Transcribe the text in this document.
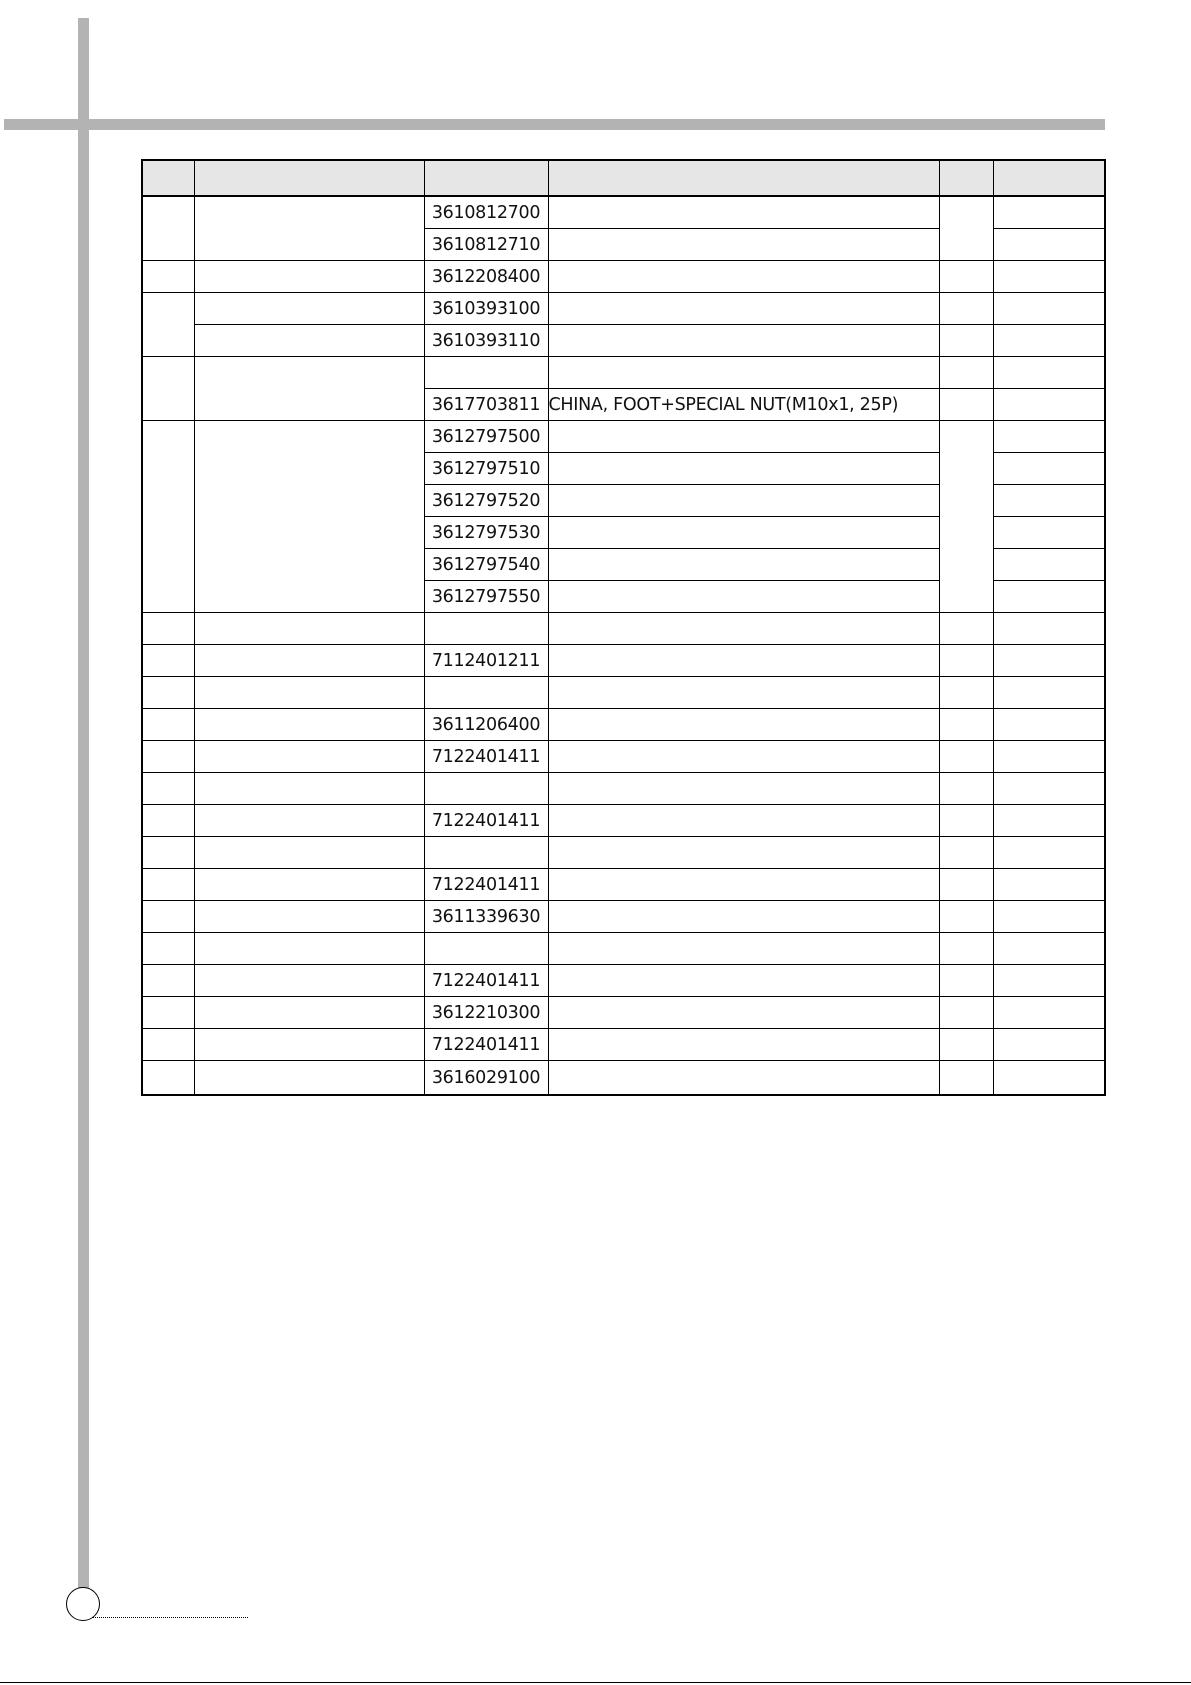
		3610812700			
		3610812710			
		3612208400			
		3610393100			
		3610393110			

		3617703811	CHINA, FOOT+SPECIAL NUT(M10x1, 25P)		
		3612797500			
		3612797510			
		3612797520			
		3612797530			
		3612797540			
		3612797550			

		7112401211			

		3611206400			
		7122401411			

		7122401411			

		7122401411			
		3611339630			

		7122401411			
		3612210300			
		7122401411			
		3616029100			
